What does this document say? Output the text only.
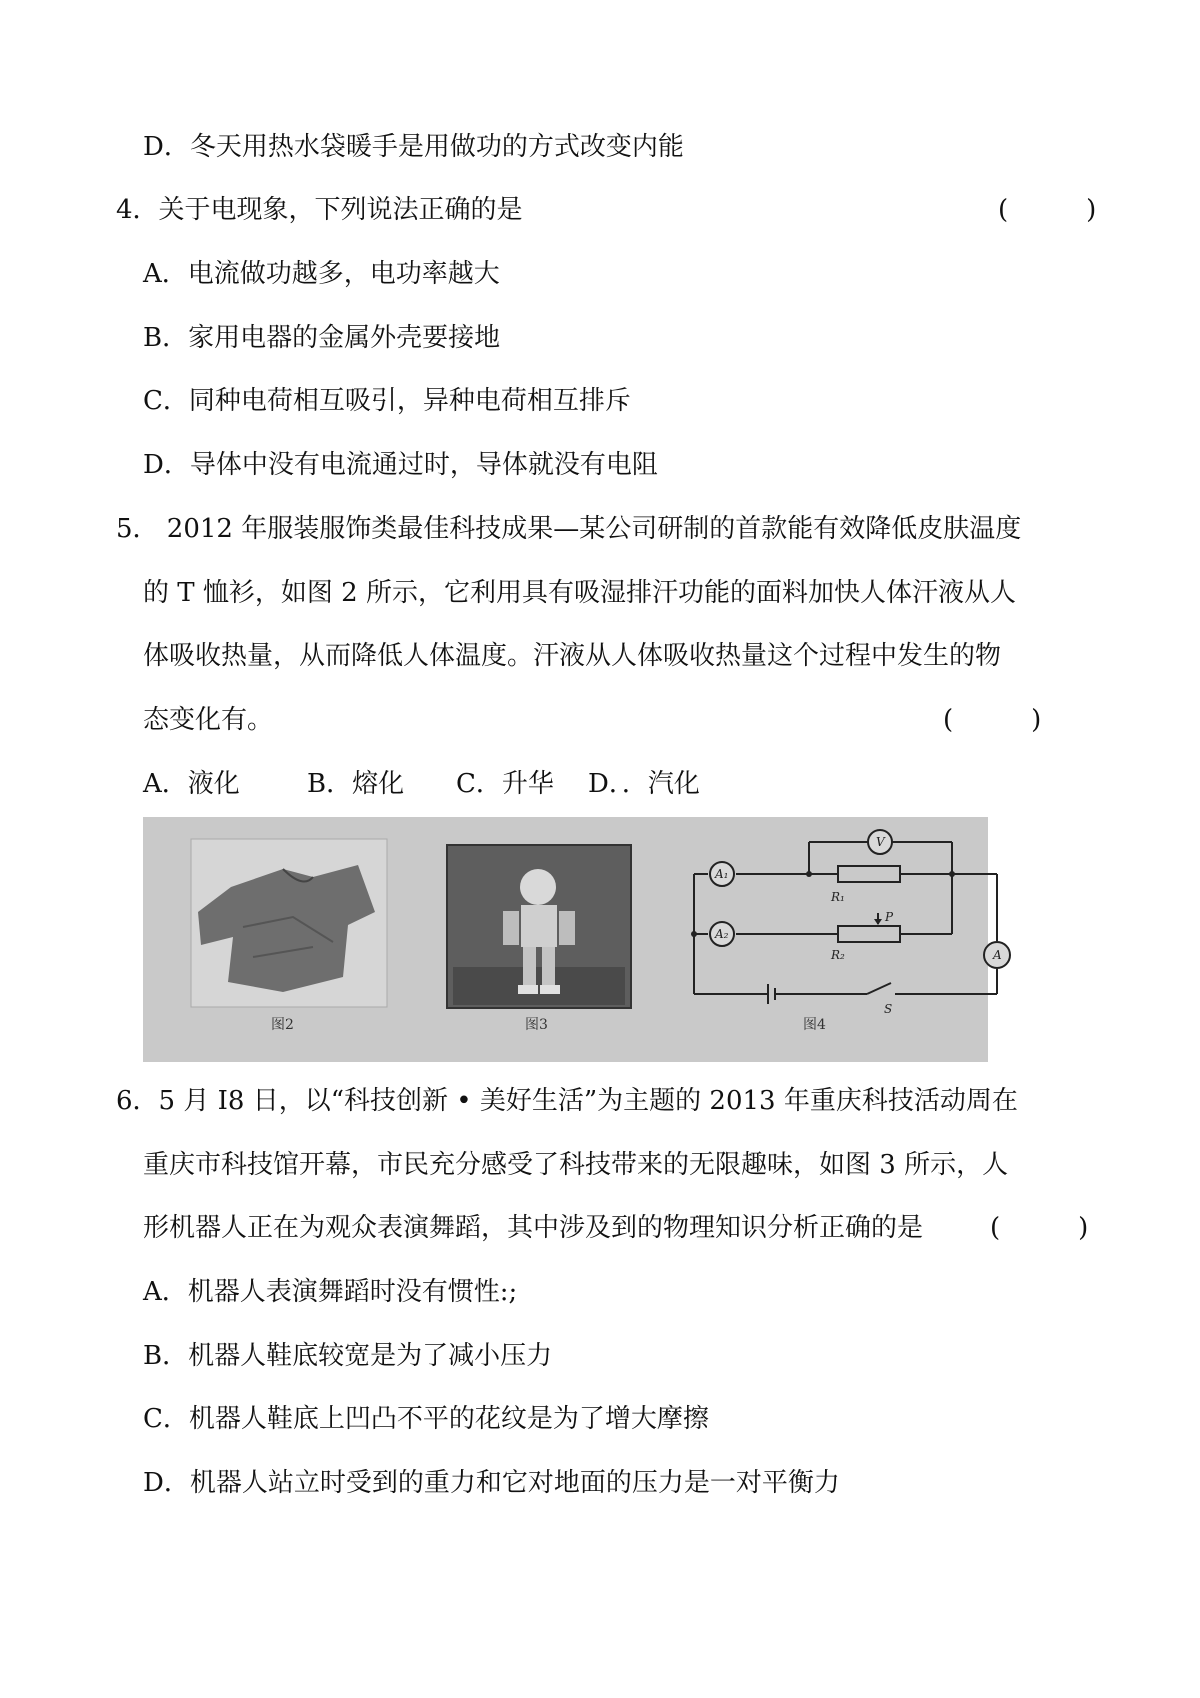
D．冬天用热水袋暖手是用做功的方式改变内能
4．关于电现象，下列说法正确的是	(　　　)
A．电流做功越多，电功率越大
B．家用电器的金属外壳要接地
C．同种电荷相互吸引，异种电荷相互排斥
D．导体中没有电流通过时，导体就没有电阻
5． 2012 年服装服饰类最佳科技成果—某公司研制的首款能有效降低皮肤温度
的 T 恤衫，如图 2 所示，它利用具有吸湿排汗功能的面料加快人体汗液从人
体吸收热量，从而降低人体温度。汗液从人体吸收热量这个过程中发生的物
态变化有。	(　　　)
A．液化	B．熔化 C．升华 D．．汽化
图2	图3
V
A₁
A₂
A
R₁
R₂
P
S
图4
6．5 月 I8 日，以“科技创新 • 美好生活”为主题的 2013 年重庆科技活动周在
重庆市科技馆开幕，市民充分感受了科技带来的无限趣味，如图 3 所示，人
形机器人正在为观众表演舞蹈，其中涉及到的物理知识分析正确的是	(　　　)
A．机器人表演舞蹈时没有惯性:;
B．机器人鞋底较宽是为了减小压力
C．机器人鞋底上凹凸不平的花纹是为了增大摩擦
D．机器人站立时受到的重力和它对地面的压力是一对平衡力
